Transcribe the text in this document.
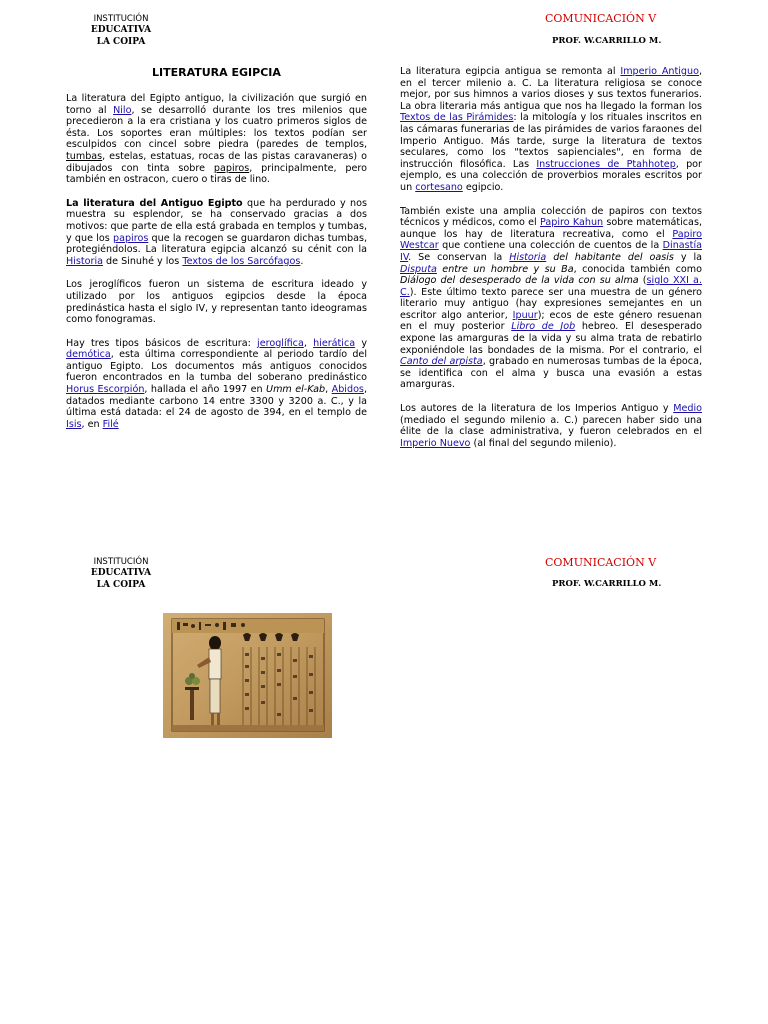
INSTITUCIÓN
EDUCATIVA
LA COIPA
COMUNICACIÓN V
PROF. W.CARRILLO M.
LITERATURA EGIPCIA

La literatura del Egipto antiguo, la civilización que surgió en torno al Nilo, se desarrolló durante los tres milenios que precedieron a la era cristiana y los cuatro primeros siglos de ésta. Los soportes eran múltiples: los textos podían ser esculpidos con cincel sobre piedra (paredes de templos, tumbas, estelas, estatuas, rocas de las pistas caravaneras) o dibujados con tinta sobre papiros, principalmente, pero también en ostracon, cuero o tiras de lino.

La literatura del Antiguo Egipto que ha perdurado y nos muestra su esplendor, se ha conservado gracias a dos motivos: que parte de ella está grabada en templos y tumbas, y que los papiros que la recogen se guardaron dichas tumbas, protegiéndolos. La literatura egipcia alcanzó su cénit con la Historia de Sinuhé y los Textos de los Sarcófagos.

Los jeroglíficos fueron un sistema de escritura ideado y utilizado por los antiguos egipcios desde la época predinástica hasta el siglo IV, y representan tanto ideogramas como fonogramas.

Hay tres tipos básicos de escritura: jeroglífica, hierática y demótica, esta última correspondiente al periodo tardío del antiguo Egipto. Los documentos más antiguos conocidos fueron encontrados en la tumba del soberano predinástico Horus Escorpión, hallada el año 1997 en Umm el-Kab, Abidos, datados mediante carbono 14 entre 3300 y 3200 a. C., y la última está datada: el 24 de agosto de 394, en el templo de Isis, en Filé

La literatura egipcia antigua se remonta al Imperio Antiguo, en el tercer milenio a. C. La literatura religiosa se conoce mejor, por sus himnos a varios dioses y sus textos funerarios. La obra literaria más antigua que nos ha llegado la forman los Textos de las Pirámides: la mitología y los rituales inscritos en las cámaras funerarias de las pirámides de varios faraones del Imperio Antiguo. Más tarde, surge la literatura de textos seculares, como los "textos sapienciales", en forma de instrucción filosófica. Las Instrucciones de Ptahhotep, por ejemplo, es una colección de proverbios morales escritos por un cortesano egipcio.

También existe una amplia colección de papiros con textos técnicos y médicos, como el Papiro Kahun sobre matemáticas, aunque los hay de literatura recreativa, como el Papiro Westcar que contiene una colección de cuentos de la Dinastía IV. Se conservan la Historia del habitante del oasis y la Disputa entre un hombre y su Ba, conocida también como Diálogo del desesperado de la vida con su alma (siglo XXI a. C.). Este último texto parece ser una muestra de un género literario muy antiguo (hay expresiones semejantes en un escritor algo anterior, Ipuur); ecos de este género resuenan en el muy posterior Libro de Job hebreo. El desesperado expone las amarguras de la vida y su alma trata de rebatirlo exponiéndole las bondades de la misma. Por el contrario, el Canto del arpista, grabado en numerosas tumbas de la época, se identifica con el alma y busca una evasión a estas amarguras.

Los autores de la literatura de los Imperios Antiguo y Medio (mediado el segundo milenio a. C.) parecen haber sido una élite de la clase administrativa, y fueron celebrados en el Imperio Nuevo (al final del segundo milenio).

INSTITUCIÓN
EDUCATIVA
LA COIPA
COMUNICACIÓN V
PROF. W.CARRILLO M.
